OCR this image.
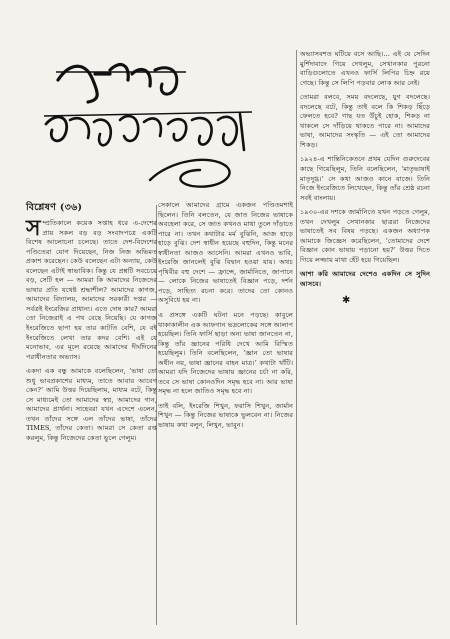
বিশ্লেষণ (৩৬)

স ম্প্রতিকালে কয়েক সপ্তাহ ধরে এ-দেশের প্রায় সকল বড় বড় সংবাদপত্রে একটি বিশেষ আলোচনা চলেছে। তাতে দেশ-বিদেশের পণ্ডিতেরা যোগ দিয়েছেন, নিজ নিজ অভিমত প্রকাশ করেছেন। কেউ বলেছেন এটা অন্যায়, কেউ বলেছেন এটাই স্বাভাবিক। কিন্তু যে প্রশ্নটি সবচেয়ে বড়, সেটি হল — আমরা কি আমাদের নিজেদের ভাষার প্রতি যথেষ্ট শ্রদ্ধাশীল? আমাদের কাগজ, আমাদের বিদ্যালয়, আমাদের সরকারী দপ্তর — সর্বত্রই ইংরেজির প্রাধান্য। এতে দোষ কার? আমরা তো নিজেরাই এ পথ বেছে নিয়েছি। যে কাগজ ইংরেজিতে ছাপা হয় তার কাটতি বেশি, যে বই ইংরেজিতে লেখা তার কদর বেশি। এই যে মনোভাব, এর মূলে রয়েছে আমাদের দীর্ঘদিনের পরাধীনতার অভ্যাস।

একদা এক বন্ধু আমাকে বলেছিলেন, ‘ভাষা তো শুধু ভাবপ্রকাশের মাধ্যম, তাতে আবার আবেগ কেন?’ আমি উত্তর দিয়েছিলাম, মাধ্যম বটে, কিন্তু সে মাধ্যমেই তো আমাদের স্বপ্ন, আমাদের গান, আমাদের প্রার্থনা। সাহেবরা যখন এদেশে এলেন, তখন তাঁদের সঙ্গে এল তাঁদের ভাষা, তাঁদের TIMES, তাঁদের কেতা। আমরা সে কেতা রপ্ত করলুম, কিন্তু নিজেদের কেতা ভুলে গেলুম।

সেকালে আমাদের গ্রামে একজন পণ্ডিতমশাই ছিলেন। তিনি বলতেন, যে জাত নিজের ভাষাকে অবহেলা করে, সে জাত কখনও মাথা তুলে দাঁড়াতে পারে না। তখন কথাটার মর্ম বুঝিনি, আজ হাড়ে হাড়ে বুঝি। দেশ স্বাধীন হয়েছে বহুদিন, কিন্তু মনের স্বাধীনতা আজও আসেনি। আমরা এখনও ভাবি, ইংরেজি জানলেই বুঝি বিদ্বান হওয়া যায়। অথচ পৃথিবীর বহু দেশে — ফ্রান্সে, জার্মানিতে, জাপানে — লোকে নিজের ভাষাতেই বিজ্ঞান পড়ে, দর্শন পড়ে, সাহিত্য রচনা করে। তাদের তো কোনও অসুবিধে হয় না।

এ প্রসঙ্গে একটি ঘটনা মনে পড়ছে। কাবুলে থাকাকালীন এক আফগান ভদ্রলোকের সঙ্গে আলাপ হয়েছিল। তিনি ফার্সি ছাড়া অন্য ভাষা জানতেন না, কিন্তু তাঁর জ্ঞানের পরিধি দেখে আমি বিস্মিত হয়েছিলুম। তিনি বলেছিলেন, ‘জ্ঞান তো ভাষার অধীন নয়, ভাষা জ্ঞানের বাহন মাত্র।’ কথাটা খাঁটি। আমরা যদি নিজেদের ভাষায় জ্ঞানের চর্চা না করি, তবে সে ভাষা কোনওদিন সমৃদ্ধ হবে না। আর ভাষা সমৃদ্ধ না হলে জাতিও সমৃদ্ধ হবে না।

তাই বলি, ইংরেজি শিখুন, ফরাসি শিখুন, জার্মান শিখুন — কিন্তু নিজের ভাষাকে ভুলবেন না। নিজের ভাষায় কথা বলুন, লিখুন, ভাবুন।

অভ্যাসবশত ঘটিয়ে বসে আছি।... এই যে সেদিন মুর্শিদাবাদে গিয়ে দেখলুম, সেখানকার পুরনো বাড়িগুলোতে এখনও ফার্সি লিপির চিহ্ন রয়ে গেছে। কিন্তু সে লিপি পড়বার লোক আর নেই।

তোমরা বলবে, সময় বদলেছে, যুগ বদলেছে। বদলেছে বটে, কিন্তু তাই বলে কি শিকড় ছিঁড়ে ফেলতে হবে? গাছ যত উঁচুই হোক, শিকড় না থাকলে সে দাঁড়িয়ে থাকতে পারে না। আমাদের ভাষা, আমাদের সংস্কৃতি — এই তো আমাদের শিকড়।

১৯২৪-এ শান্তিনিকেতনে প্রথম যেদিন গুরুদেবের কাছে গিয়েছিলুম, তিনি বলেছিলেন, ‘মাতৃভাষাই মাতৃদুগ্ধ।’ সে কথা আজও কানে বাজে। তিনি নিজে ইংরেজিতে লিখেছেন, কিন্তু তাঁর শ্রেষ্ঠ রচনা সবই বাংলায়।

১৯৩০-এর দশকে জার্মানিতে যখন পড়তে গেলুম, তখন দেখলুম সেখানকার ছাত্ররা নিজেদের ভাষাতেই সব বিষয় পড়ছে। একজন অধ্যাপক আমাকে জিজ্ঞেস করেছিলেন, ‘তোমাদের দেশে বিজ্ঞান কোন ভাষায় পড়ানো হয়?’ উত্তর দিতে গিয়ে লজ্জায় মাথা হেঁট হয়ে গিয়েছিল।

আশা করি আমাদের দেশেও একদিন সে সুদিন আসবে।

✱
